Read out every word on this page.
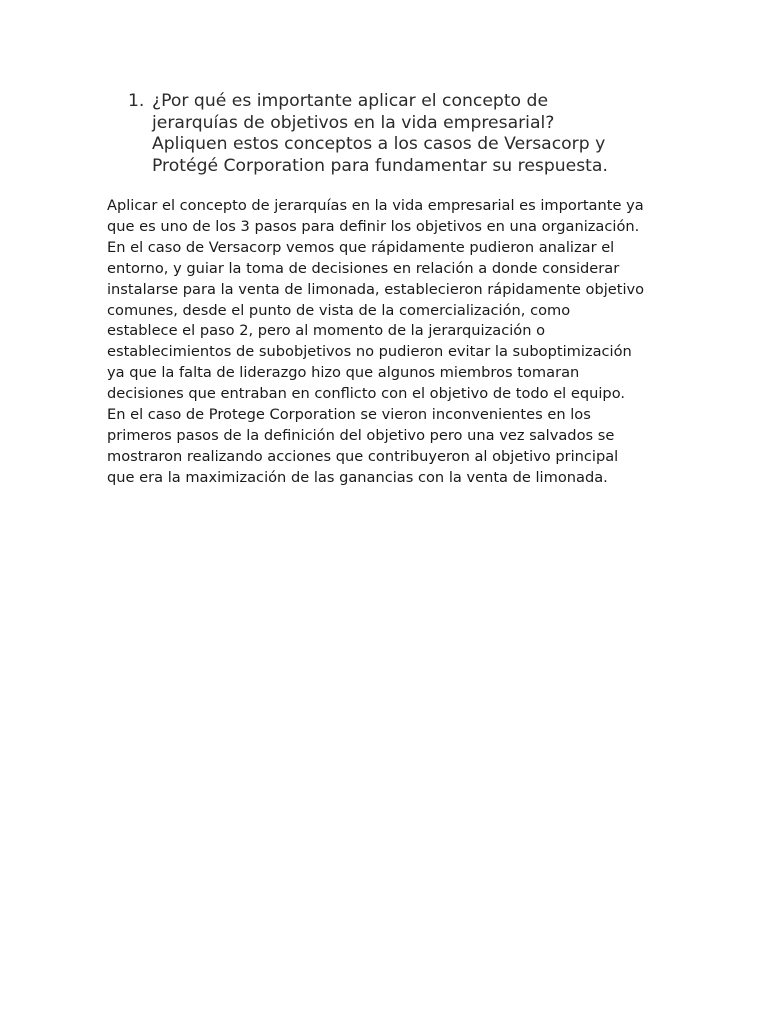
1. ¿Por qué es importante aplicar el concepto de
jerarquías de objetivos en la vida empresarial?
Apliquen estos conceptos a los casos de Versacorp y
Protégé Corporation para fundamentar su respuesta.

Aplicar el concepto de jerarquías en la vida empresarial es importante ya
que es uno de los 3 pasos para definir los objetivos en una organización.
En el caso de Versacorp vemos que rápidamente pudieron analizar el
entorno, y guiar la toma de decisiones en relación a donde considerar
instalarse para la venta de limonada, establecieron rápidamente objetivo
comunes, desde el punto de vista de la comercialización, como
establece el paso 2, pero al momento de la jerarquización o
establecimientos de subobjetivos no pudieron evitar la suboptimización
ya que la falta de liderazgo hizo que algunos miembros tomaran
decisiones que entraban en conflicto con el objetivo de todo el equipo.
En el caso de Protege Corporation se vieron inconvenientes en los
primeros pasos de la definición del objetivo pero una vez salvados se
mostraron realizando acciones que contribuyeron al objetivo principal
que era la maximización de las ganancias con la venta de limonada.
